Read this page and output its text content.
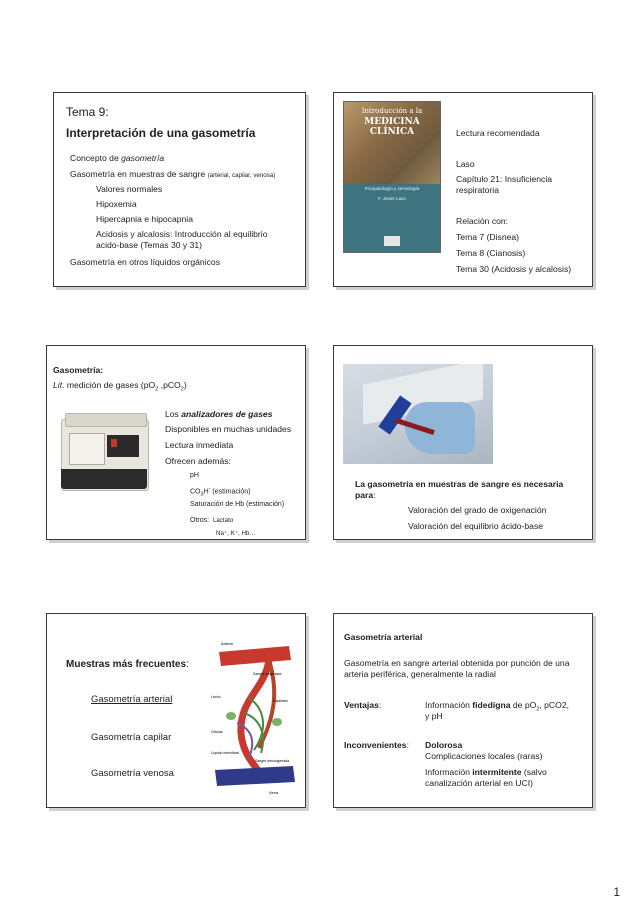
Tema 9:
Interpretación de una gasometría
Concepto de gasometría
Gasometría en muestras de sangre (arterial, capilar, venosa)
Valores normales
Hipoxemia
Hipercapnia e hipocapnia
Acidosis y alcalosis: Introducción al equilibrio
acido-base (Temas 30 y 31)
Gasometría en otros líquidos orgánicos
Introducción a la
MEDICINA CLÍNICA
Fisiopatología y semiología
F. Javier Laso
Lectura recomendada
Laso
Capítulo 21: Insuficiencia
respiratoria
Relación con:
Tema 7 (Disnea)
Tema 8 (Cianosis)
Tema 30 (Acidosis y alcalosis)
Gasometría:
Lit. medición de gases ($pO_2$ ,pCO$_2$)
Los analizadores de gases
Disponibles en muchas unidades
Lectura inmediata
Ofrecen además:
pH
$CO_3H^-$ (estimación)
Saturación de Hb (estimación)
Otros: Lactato
Na⁺, K⁺, Hb…
La gasometría en muestras de sangre es necesaria
para:
Valoración del grado de oxigenación
Valoración del equilibrio ácido-base
Muestras más frecuentes:
Gasometría arterial
Gasometría capilar
Gasometría venosa
Arteria
Sangre oxigenada
Lecho
Capilares
Células
Líquido intersticial
Sangre desoxigenada
Vena
Gasometría arterial
Gasometría en sangre arterial obtenida por punción de una
arteria periférica, generalmente la radial
Ventajas:	Información fidedigna de $pO_2$, pCO2,
y pH
Inconvenientes: Dolorosa
Complicaciones locales (raras)
Información intermitente (salvo
canalización arterial en UCI)
1
